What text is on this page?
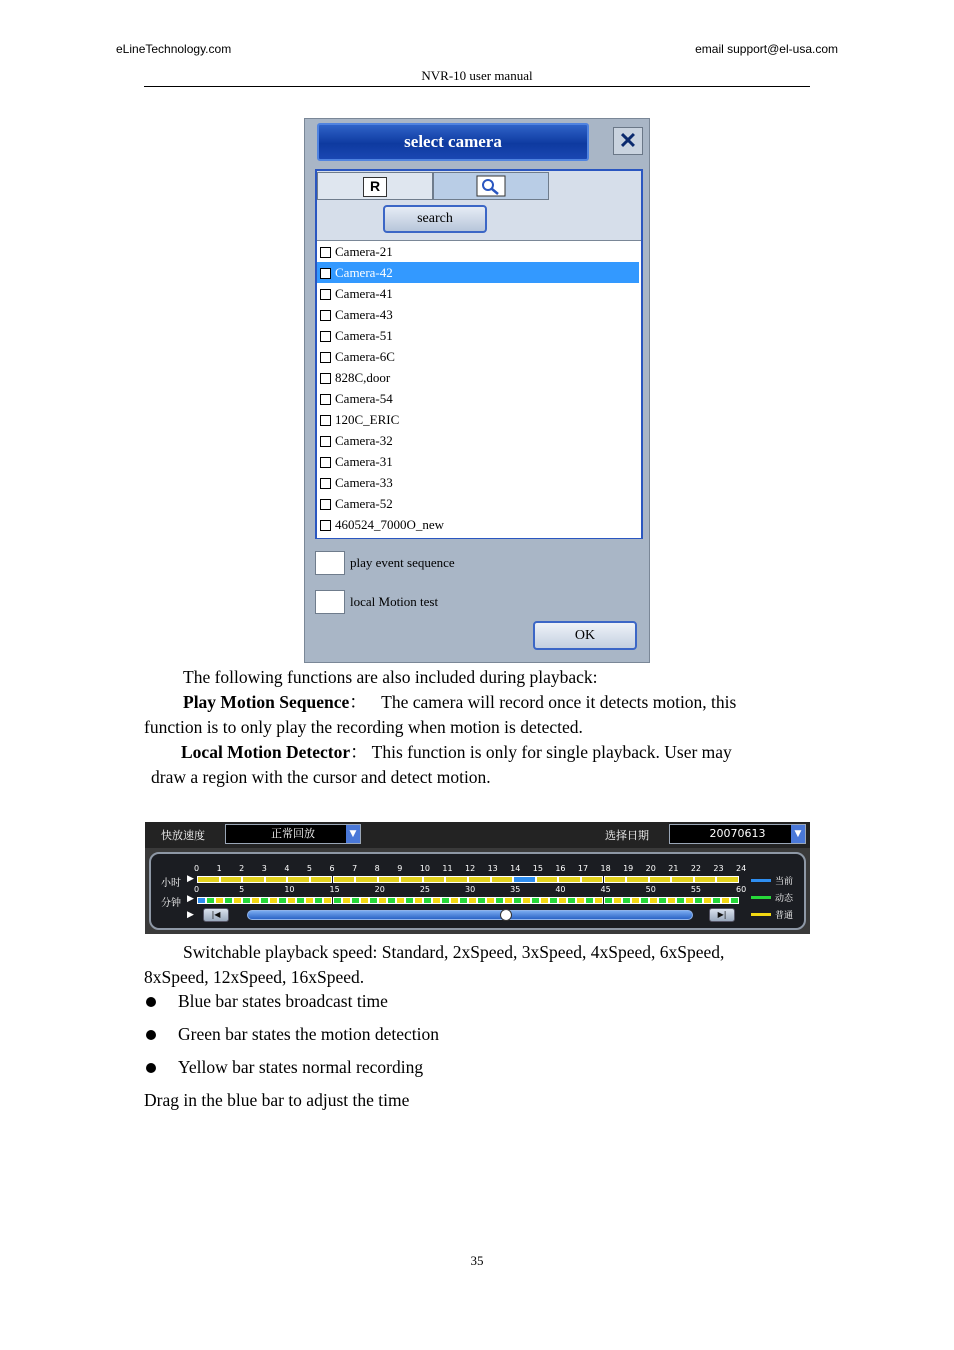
eLineTechnology.com	email support@el-usa.com
NVR-10 user manual
select camera	✕
R
search
Camera-21
✓ Camera-42
Camera-41
Camera-43
Camera-51
Camera-6C
828C,door
Camera-54
120C_ERIC
Camera-32
Camera-31
Camera-33
Camera-52
460524_7000O_new
play event sequence
local Motion test
OK
The following functions are also included during playback:
Play Motion Sequence： The camera will record once it detects motion, this
function is to only play the recording when motion is detected.
Local Motion Detector： This function is only for single playback. User may
draw a region with the cursor and detect motion.
快放速度	正常回放	▼	选择日期	20070613	▼
小时 ▶
分钟 ▶
▶	|◀	▶|
0 1 2 3 4 5 6 7 8 9 10 11 12 13 14 15 16 17 18 19 20 21 22 23 24
0	5	10	15	20	25	30	35	40	45	50	55	60
当前
动态
普通
Switchable playback speed: Standard, 2xSpeed, 3xSpeed, 4xSpeed, 6xSpeed,
8xSpeed, 12xSpeed, 16xSpeed.
Blue bar states broadcast time
Green bar states the motion detection
Yellow bar states normal recording
Drag in the blue bar to adjust the time
35
